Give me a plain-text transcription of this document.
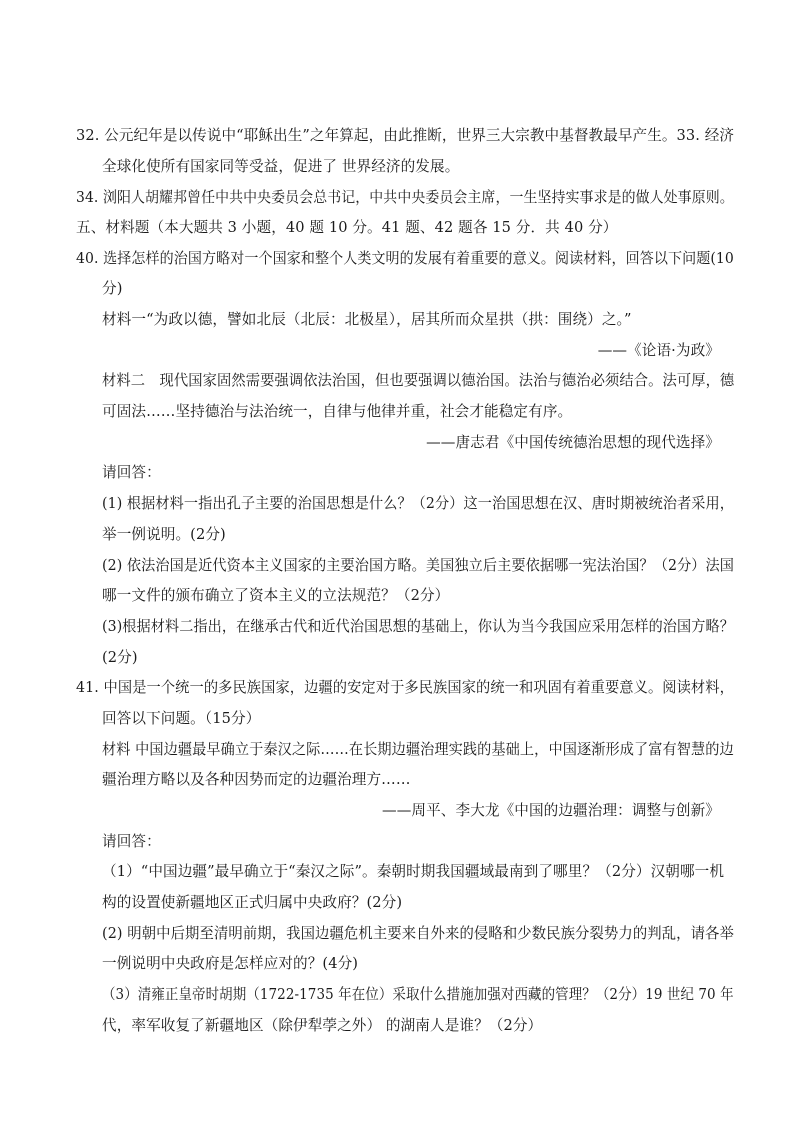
32. 公元纪年是以传说中“耶稣出生”之年算起，由此推断，世界三大宗教中基督教最早产生。33. 经济
全球化使所有国家同等受益，促进了 世界经济的发展。
34. 浏阳人胡耀邦曾任中共中央委员会总书记，中共中央委员会主席，一生坚持实事求是的做人处事原则。
五、材料题（本大题共 3 小题，40 题 10 分。41 题、42 题各 15 分．共 40 分）
40. 选择怎样的治国方略对一个国家和整个人类文明的发展有着重要的意义。阅读材料，回答以下问题(10
分)
材料一“为政以德，譬如北辰（北辰：北极星），居其所而众星拱（拱：围绕）之。”
——《论语·为政》
材料二　现代国家固然需要强调依法治国，但也要强调以德治国。法治与德治必须结合。法可厚，德
可固法……坚持德治与法治统一，自律与他律并重，社会才能稳定有序。
——唐志君《中国传统德治思想的现代选择》
请回答：
(1) 根据材料一指出孔子主要的治国思想是什么？（2分）这一治国思想在汉、唐时期被统治者采用，
举一例说明。(2分)
(2) 依法治国是近代资本主义国家的主要治国方略。美国独立后主要依据哪一宪法治国？（2分）法国
哪一文件的颁布确立了资本主义的立法规范？（2分）
(3)根据材料二指出，在继承古代和近代治国思想的基础上，你认为当今我国应采用怎样的治国方略？
(2分)
41. 中国是一个统一的多民族国家，边疆的安定对于多民族国家的统一和巩固有着重要意义。阅读材料，
回答以下问题。（15分）
材料 中国边疆最早确立于秦汉之际……在长期边疆治理实践的基础上，中国逐渐形成了富有智慧的边
疆治理方略以及各种因势而定的边疆治理方……
——周平、李大龙《中国的边疆治理：调整与创新》
请回答：
（1）“中国边疆”最早确立于“秦汉之际”。秦朝时期我国疆域最南到了哪里？（2分）汉朝哪一机
构的设置使新疆地区正式归属中央政府？(2分)
(2) 明朝中后期至清明前期，我国边疆危机主要来自外来的侵略和少数民族分裂势力的判乱，请各举
一例说明中央政府是怎样应对的？(4分)
（3）清雍正皇帝时胡期（1722-1735 年在位）采取什么措施加强对西藏的管理？（2分）19 世纪 70 年
代，率军收复了新疆地区（除伊犁荸之外） 的湖南人是谁？（2分）
